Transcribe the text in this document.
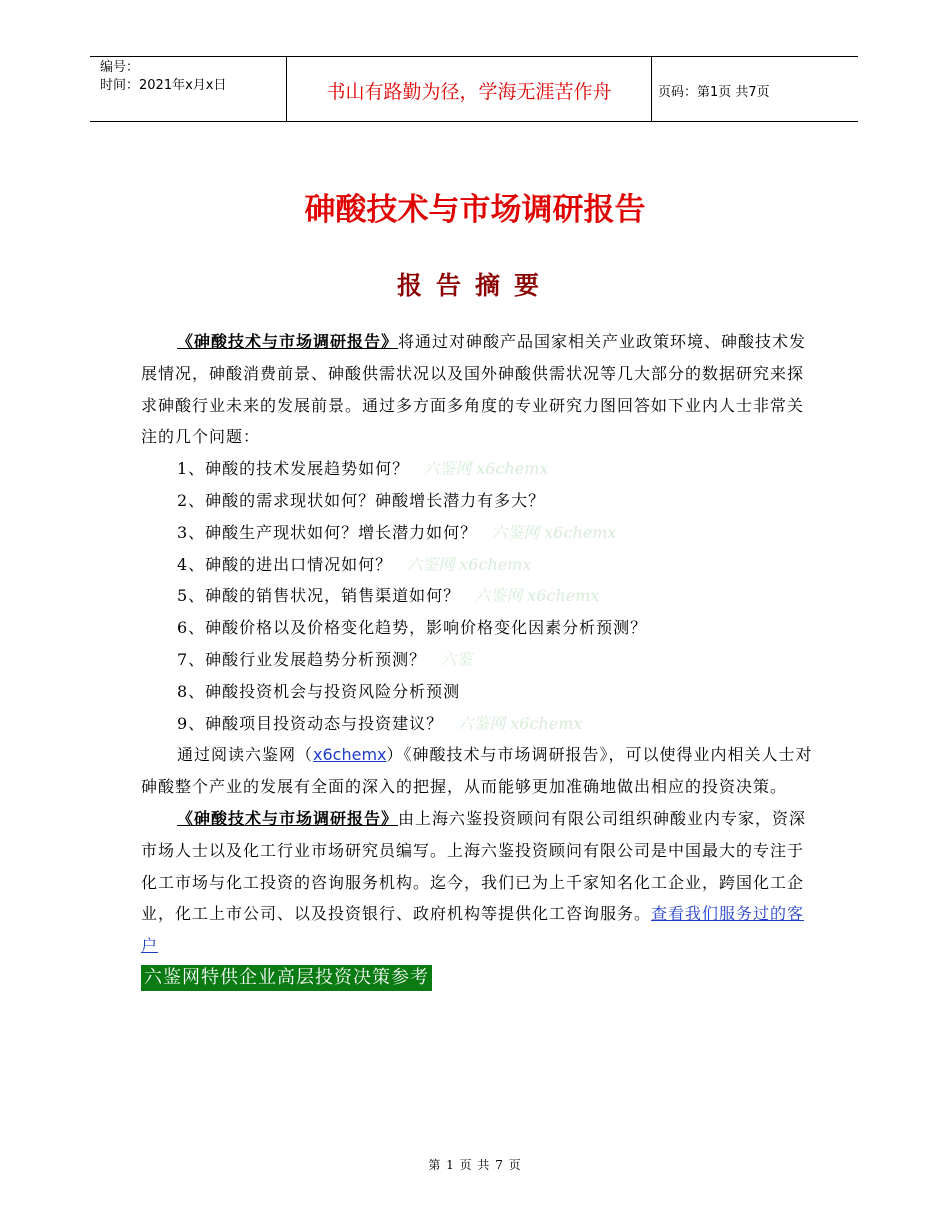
编号：
时间：2021年x月x日	书山有路勤为径，学海无涯苦作舟	页码：第1页 共7页
砷酸技术与市场调研报告
报告摘要

《砷酸技术与市场调研报告》将通过对砷酸产品国家相关产业政策环境、砷酸技术发展情况，砷酸消费前景、砷酸供需状况以及国外砷酸供需状况等几大部分的数据研究来探求砷酸行业未来的发展前景。通过多方面多角度的专业研究力图回答如下业内人士非常关注的几个问题：

1、砷酸的技术发展趋势如何？ 六鉴网 x6chemx

2、砷酸的需求现状如何？砷酸增长潜力有多大？

3、砷酸生产现状如何？增长潜力如何？ 六鉴网 x6chemx

4、砷酸的进出口情况如何？ 六鉴网 x6chemx

5、砷酸的销售状况，销售渠道如何？ 六鉴网 x6chemx

6、砷酸价格以及价格变化趋势，影响价格变化因素分析预测？

7、砷酸行业发展趋势分析预测？ 六鉴

8、砷酸投资机会与投资风险分析预测

9、砷酸项目投资动态与投资建议？ 六鉴网 x6chemx

通过阅读六鉴网（x6chemx）《砷酸技术与市场调研报告》，可以使得业内相关人士对砷酸整个产业的发展有全面的深入的把握，从而能够更加准确地做出相应的投资决策。

《砷酸技术与市场调研报告》由上海六鉴投资顾问有限公司组织砷酸业内专家，资深市场人士以及化工行业市场研究员编写。上海六鉴投资顾问有限公司是中国最大的专注于化工市场与化工投资的咨询服务机构。迄今，我们已为上千家知名化工企业，跨国化工企业，化工上市公司、以及投资银行、政府机构等提供化工咨询服务。查看我们服务过的客户

六鉴网特供企业高层投资决策参考
第 1 页 共 7 页
